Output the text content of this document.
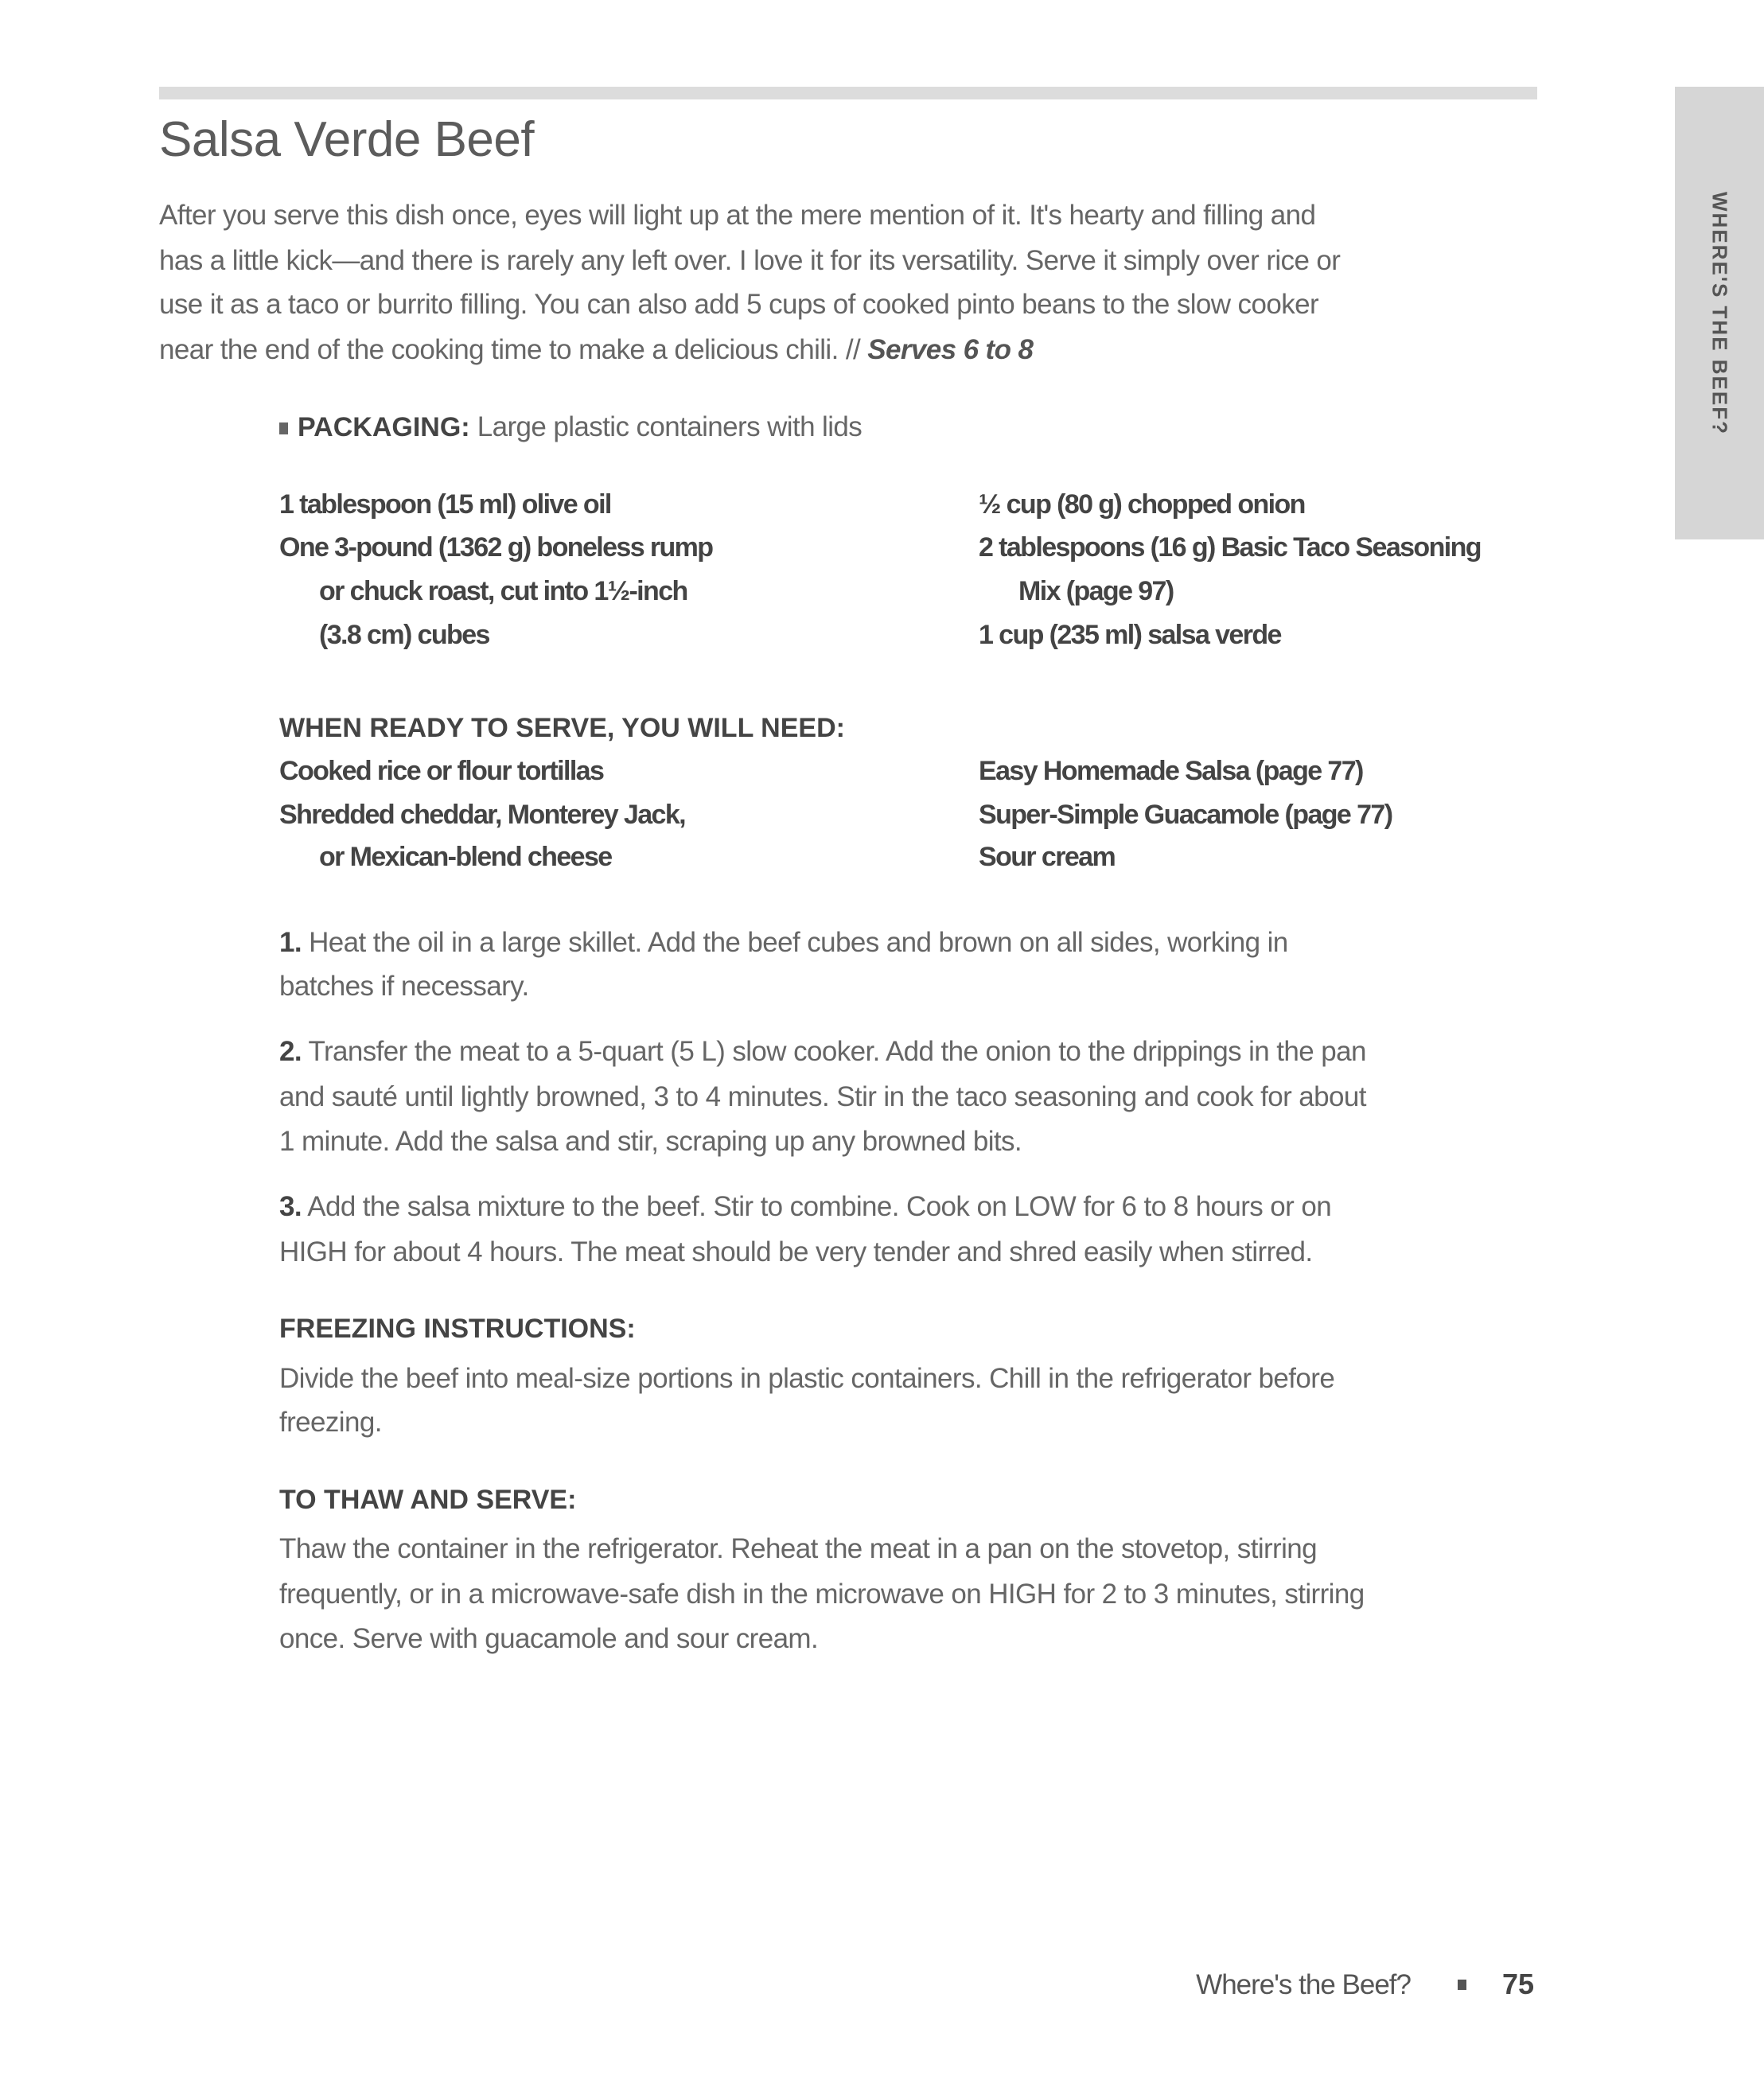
WHERE'S THE BEEF?
Salsa Verde Beef
After you serve this dish once, eyes will light up at the mere mention of it. It's hearty and filling and
has a little kick—and there is rarely any left over. I love it for its versatility. Serve it simply over rice or
use it as a taco or burrito filling. You can also add 5 cups of cooked pinto beans to the slow cooker
near the end of the cooking time to make a delicious chili. // Serves 6 to 8
PACKAGING: Large plastic containers with lids
1 tablespoon (15 ml) olive oil
One 3-pound (1362 g) boneless rump
or chuck roast, cut into 1½-inch
(3.8 cm) cubes
½ cup (80 g) chopped onion
2 tablespoons (16 g) Basic Taco Seasoning
Mix (page 97)
1 cup (235 ml) salsa verde
WHEN READY TO SERVE, YOU WILL NEED:
Cooked rice or flour tortillas
Shredded cheddar, Monterey Jack,
or Mexican-blend cheese
Easy Homemade Salsa (page 77)
Super-Simple Guacamole (page 77)
Sour cream
1. Heat the oil in a large skillet. Add the beef cubes and brown on all sides, working in
batches if necessary.
2. Transfer the meat to a 5-quart (5 L) slow cooker. Add the onion to the drippings in the pan
and sauté until lightly browned, 3 to 4 minutes. Stir in the taco seasoning and cook for about
1 minute. Add the salsa and stir, scraping up any browned bits.
3. Add the salsa mixture to the beef. Stir to combine. Cook on LOW for 6 to 8 hours or on
HIGH for about 4 hours. The meat should be very tender and shred easily when stirred.
FREEZING INSTRUCTIONS:
Divide the beef into meal-size portions in plastic containers. Chill in the refrigerator before
freezing.
TO THAW AND SERVE:
Thaw the container in the refrigerator. Reheat the meat in a pan on the stovetop, stirring
frequently, or in a microwave-safe dish in the microwave on HIGH for 2 to 3 minutes, stirring
once. Serve with guacamole and sour cream.
Where's the Beef?	75
